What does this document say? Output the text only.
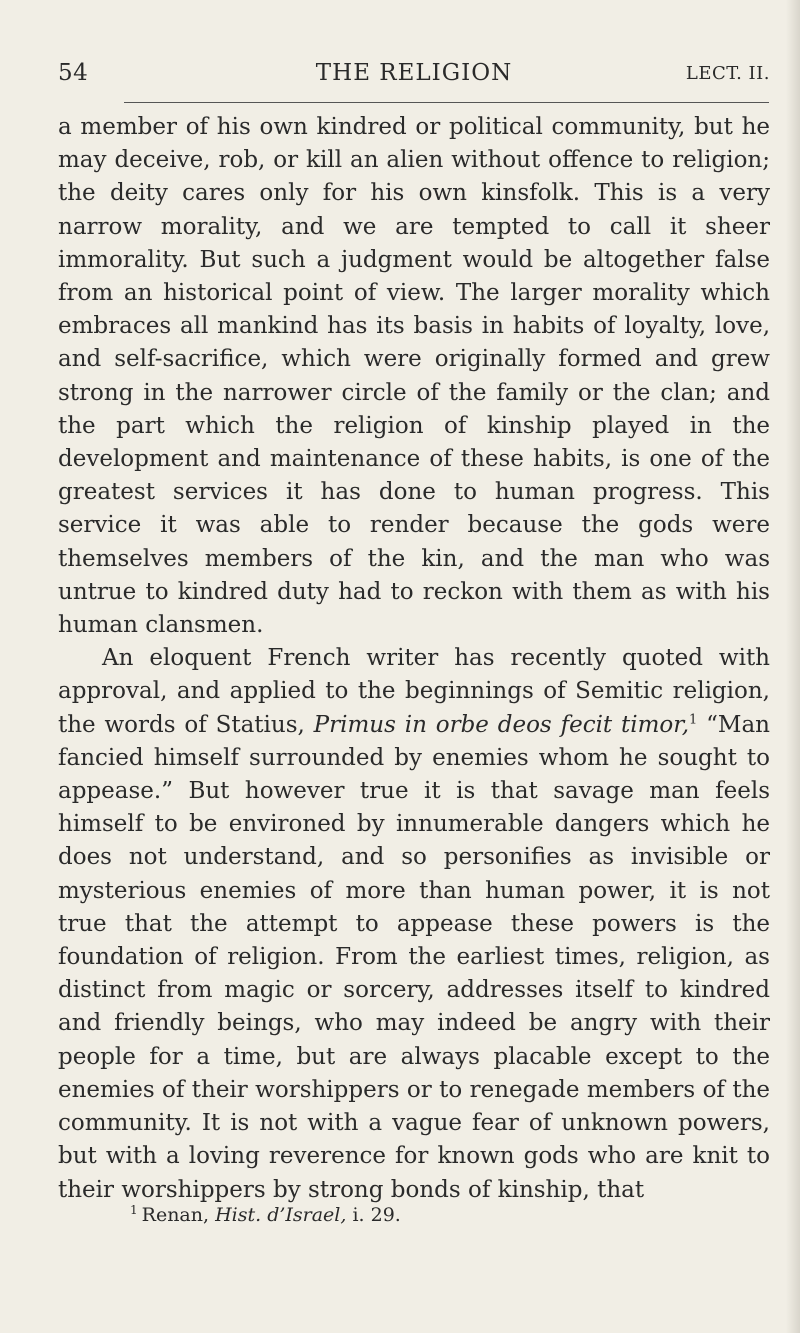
54	THE RELIGION	LECT. II.

a member of his own kindred or political community, but he may deceive, rob, or kill an alien without offence to religion; the deity cares only for his own kinsfolk. This is a very narrow morality, and we are tempted to call it sheer immorality. But such a judgment would be altogether false from an historical point of view. The larger morality which embraces all mankind has its basis in habits of loyalty, love, and self-sacrifice, which were originally formed and grew strong in the narrower circle of the family or the clan; and the part which the religion of kinship played in the development and maintenance of these habits, is one of the greatest services it has done to human progress. This service it was able to render because the gods were themselves members of the kin, and the man who was untrue to kindred duty had to reckon with them as with his human clansmen.

An eloquent French writer has recently quoted with approval, and applied to the beginnings of Semitic religion, the words of Statius, Primus in orbe deos fecit timor,$^1$ “Man fancied himself surrounded by enemies whom he sought to appease.” But however true it is that savage man feels himself to be environed by innumerable dangers which he does not understand, and so personifies as invisible or mysterious enemies of more than human power, it is not true that the attempt to appease these powers is the foundation of religion. From the earliest times, religion, as distinct from magic or sorcery, addresses itself to kindred and friendly beings, who may indeed be angry with their people for a time, but are always placable except to the enemies of their worshippers or to renegade members of the community. It is not with a vague fear of unknown powers, but with a loving reverence for known gods who are knit to their worshippers by strong bonds of kinship, that

$^1$ Renan, Hist. d’Israel, i. 29.
